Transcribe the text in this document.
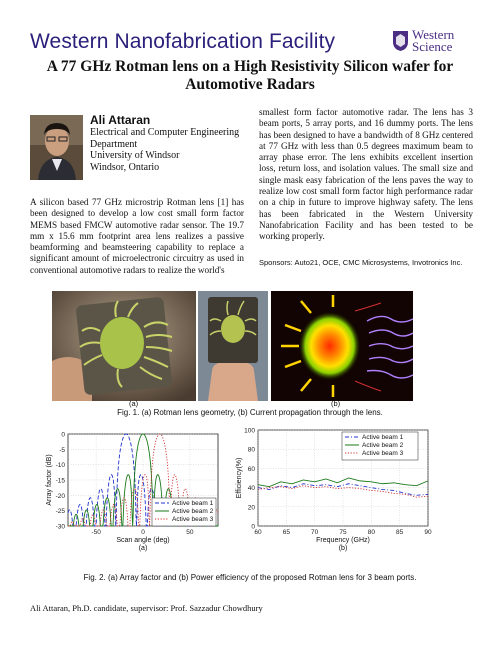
Western Nanofabrication Facility	Western
Science
A 77 GHz Rotman lens on a High Resistivity Silicon wafer for Automotive Radars
Ali Attaran
Electrical and Computer Engineering
Department
University of Windsor
Windsor, Ontario
A silicon based 77 GHz microstrip Rotman lens [1] has been designed to develop a low cost small form factor MEMS based FMCW automotive radar sensor. The 19.7 mm x 15.6 mm footprint area lens realizes a passive beamforming and beamsteering capability to replace a significant amount of microelectronic circuitry as used in conventional automotive radars to realize the world's
smallest form factor automotive radar. The lens has 3 beam ports, 5 array ports, and 16 dummy ports. The lens has been designed to have a bandwidth of 8 GHz centered at 77 GHz with less than 0.5 degrees maximum beam to array phase error. The lens exhibits excellent insertion loss, return loss, and isolation values. The small size and single mask easy fabrication of the lens paves the way to realize low cost small form factor high performance radar on a chip in future to improve highway safety. The lens has been fabricated in the Western University Nanofabrication Facility and has been tested to be working properly.
Sponsors: Auto21, OCE, CMC Microsystems, Invotronics Inc.
(a)	(b)
Fig. 1. (a) Rotman lens geometry, (b) Current propagation through the lens.
0
-5
-10
-15
-20
-25
-30
-50	0	50
Scan angle (deg)
Array factor (dB)
(a)
Active beam 1
Active beam 2
Active beam 3
0
20
40
60
80
100
60	65	70	75	80	85	90
Frequency (GHz)
Efficiency(%)
(b)
Active beam 1
Active beam 2
Active beam 3
Fig. 2. (a) Array factor and (b) Power efficiency of the proposed Rotman lens for 3 beam ports.
Ali Attaran, Ph.D. candidate, supervisor: Prof. Sazzadur Chowdhury
